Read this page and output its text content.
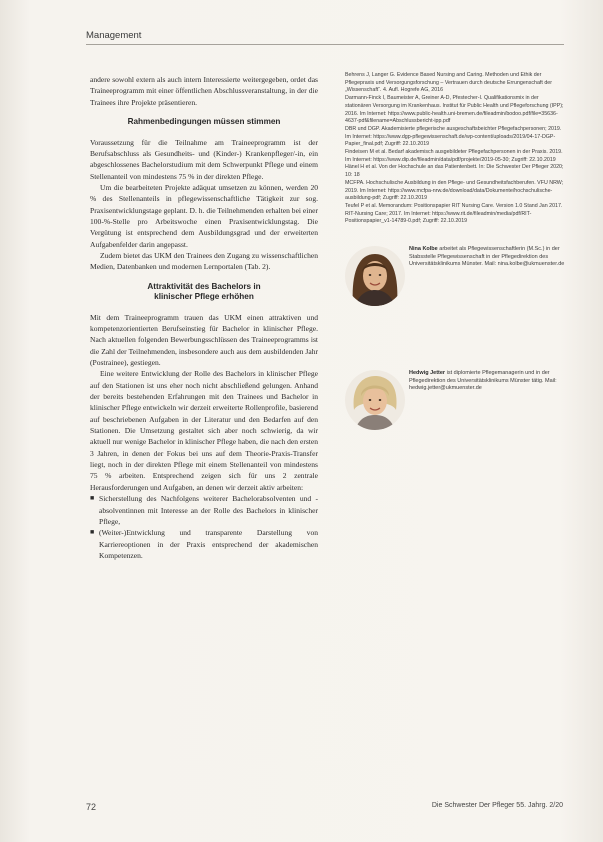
Management

andere sowohl extern als auch intern Interessierte weitergegeben, ordet das Traineeprogramm mit einer öffentlichen Abschlussveranstaltung, in der die Trainees ihre Projekte präsentieren.

Rahmenbedingungen müssen stimmen

Voraussetzung für die Teilnahme am Traineeprogramm ist der Berufsabschluss als Gesundheits- und (Kinder-) Krankenpfleger/-in, ein abgeschlossenes Bachelorstudium mit dem Schwerpunkt Pflege und einem Stellenanteil von mindestens 75 % in der direkten Pflege.

Um die bearbeiteten Projekte adäquat umsetzen zu können, werden 20 % des Stellenanteils in pflegewissenschaftliche Tätigkeit zur sog. Praxisentwicklungstage geplant. D. h. die Teilnehmenden erhalten bei einer 100-%-Stelle pro Arbeitswoche einen Praxisentwicklungstag. Die Vergütung ist entsprechend dem Ausbildungsgrad und der erweiterten Aufgabenfelder darin angepasst.

Zudem bietet das UKM den Trainees den Zugang zu wissenschaftlichen Medien, Datenbanken und modernen Lernportalen (Tab. 2).

Attraktivität des Bachelors in

klinischer Pflege erhöhen

Mit dem Traineeprogramm trauen das UKM einen attraktiven und kompetenzorientierten Berufseinstieg für Bachelor in klinischer Pflege. Nach aktuellen folgenden Bewerbungsschlüssen des Traineeprogramms ist die Zahl der Teilnehmenden, insbesondere auch aus dem ausbildenden Jahr (Postrainee), gestiegen.

Eine weitere Entwicklung der Rolle des Bachelors in klinischer Pflege auf den Stationen ist uns eher noch nicht abschließend gelungen. Anhand der bereits bestehenden Erfahrungen mit den Trainees und Bachelor in klinischer Pflege entwickeln wir derzeit erweiterte Rollenprofile, basierend auf beschriebenen Aufgaben in der Literatur und den Bedarfen auf den Stationen. Die Umsetzung gestaltet sich aber noch schwierig, da wir aktuell nur wenige Bachelor in klinischer Pflege haben, die nach den ersten 3 Jahren, in denen der Fokus bei uns auf dem Theorie-Praxis-Transfer liegt, noch in der direkten Pflege mit einem Stellenanteil von mindestens 75 % arbeiten. Entsprechend zeigen sich für uns 2 zentrale Herausforderungen und Aufgaben, an denen wir derzeit aktiv arbeiten:

■ Sicherstellung des Nachfolgens weiterer Bachelorabsolventen und -absolventinnen mit Interesse an der Rolle des Bachelors in klinischer Pflege,
■ (Weiter-)Entwicklung und transparente Darstellung von Karriereoptionen in der Praxis entsprechend der akademischen Kompetenzen.

Behrens J, Langer G. Evidence Based Nursing and Caring. Methoden und Ethik der Pflegepraxis und Versorgungsforschung – Vertrauen durch deutsche Errungenschaft der „Wissenschaft“. 4. Aufl. Hogrefe AG, 2016

Darmann-Finck I, Baumeister A, Greiner A-D, Pfestecher-I. Qualifikationsmix in der stationären Versorgung im Krankenhaus. Institut für Public Health und Pflegeforschung (IPP); 2016. Im Internet: https://www.public-health.uni-bremen.de/fileadmin/bodoo.pdf/file=35636-4637-pdf&filename=Abschlussbericht-ipp.pdf

DBR und DGP. Akademisierte pflegerische ausgeschaftsbeichter Pflegefachpersonen; 2019. Im Internet: https://www.dgp-pflegewissenschaft.de/wp-content/uploads/2019/04-17-DGP-Papier_final.pdf; Zugriff: 22.10.2019

Findeisen M et al. Bedarf akademisch ausgebildeter Pflegefachpersonen in der Praxis. 2019. Im Internet: https://www.dip.de/fileadmin/data/pdf/projekte/2019-05-30; Zugriff: 22.10.2019

Hänel H et al. Von der Hochschule an das Patientenbett. In: Die Schwester Der Pfleger 2020; 10: 18

MCFPA. Hochschulische Ausbildung in den Pflege- und Gesundheitsfachberufen. VFU NRW; 2019. Im Internet: https://www.mcfpa-nrw.de/download/data/Dokumente/hochschulische-ausbildung-pdf; Zugriff: 22.10.2019

Teufel P et al. Memorandum: Positionspapier RIT Nursing Care. Version 1.0 Stand Jan 2017. RIT-Nursing Care; 2017. Im Internet: https://www.rit.de/fileadmin/media/pdf/RIT-Positionspapier_v1-14789-0.pdf; Zugriff: 22.10.2019

Nina Kolbe arbeitet als Pflegewissenschaftlerin (M.Sc.) in der Stabsstelle Pflegewissenschaft in der Pflegedirektion des Universitätsklinikums Münster. Mail: nina.kolbe@ukmuenster.de
Hedwig Jetter ist diplomierte Pflegemanagerin und in der Pflegedirektion des Universitätsklinikums Münster tätig. Mail: hedwig.jetter@ukmuenster.de
72	Die Schwester Der Pfleger 55. Jahrg. 2/20
